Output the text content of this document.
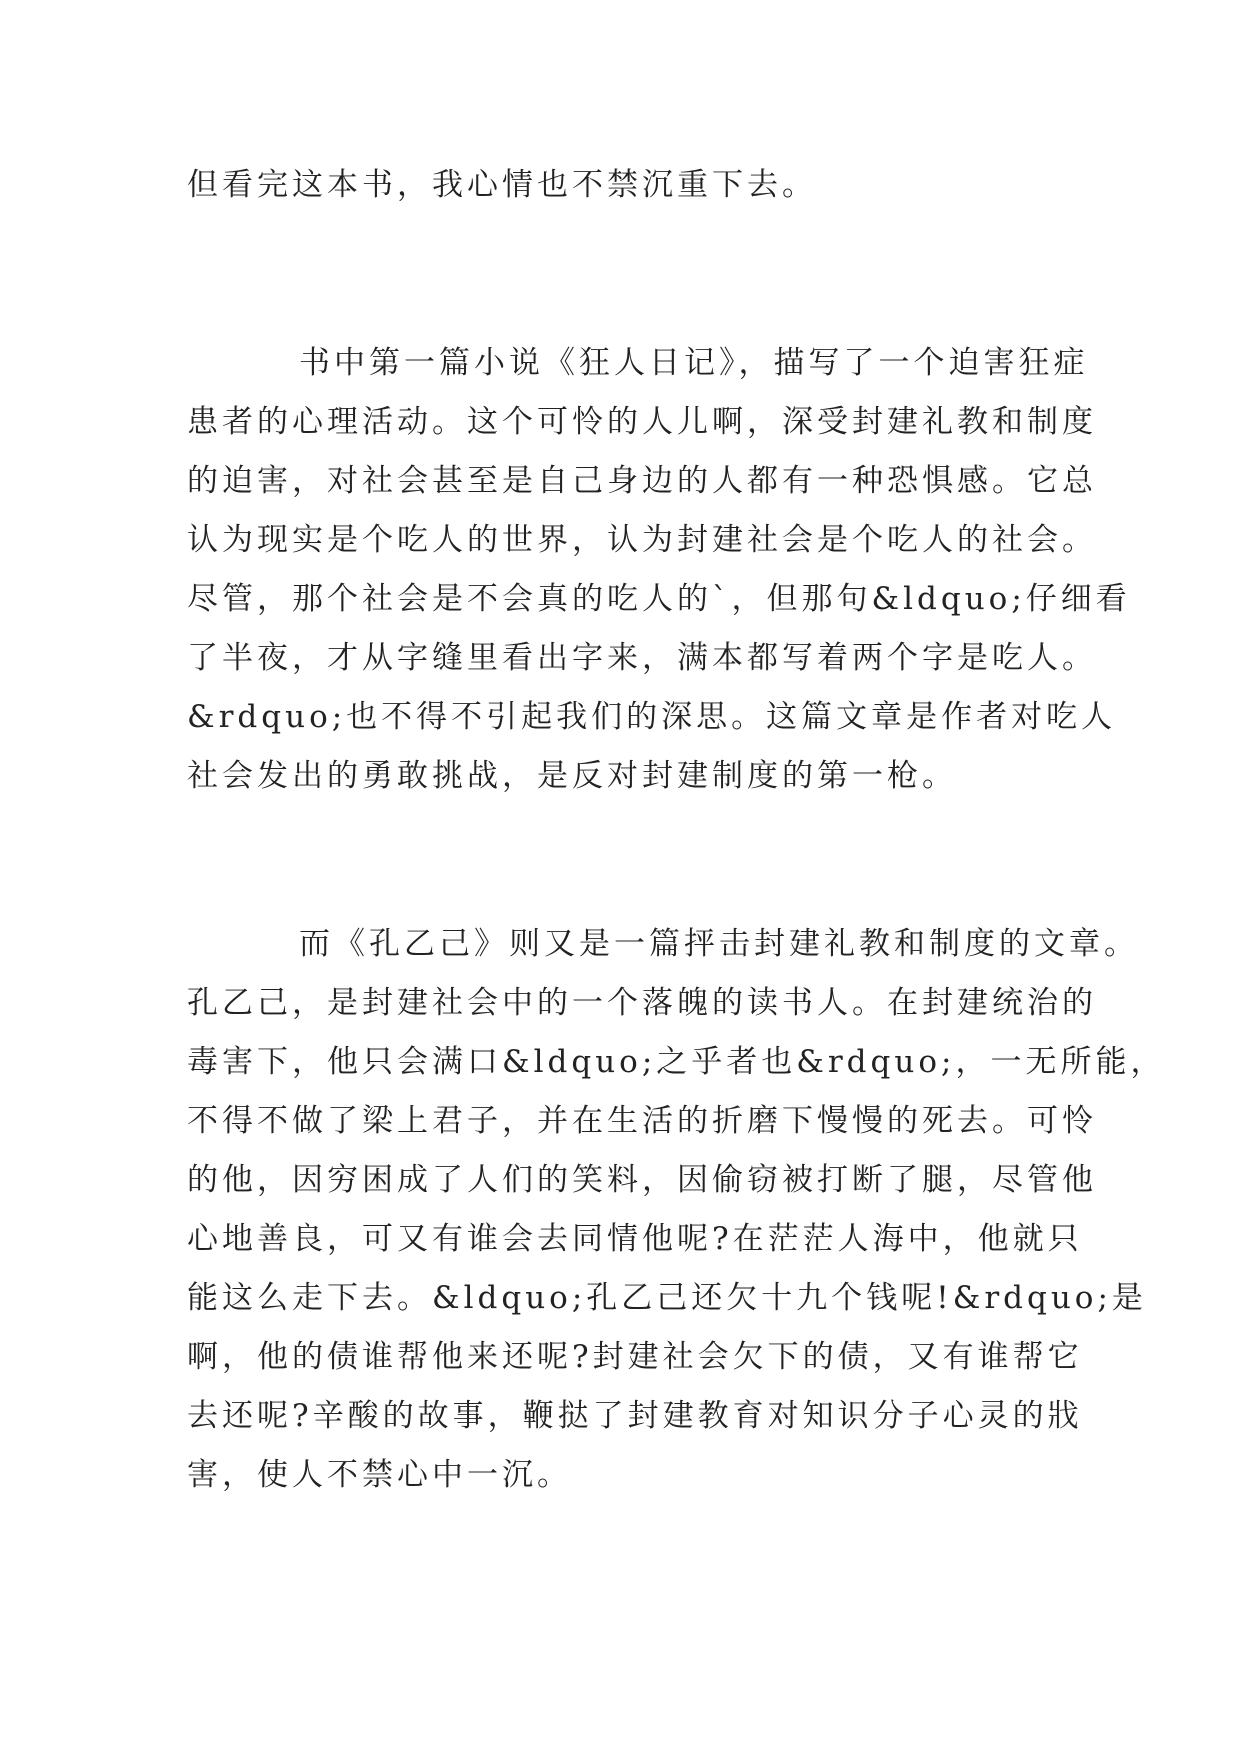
但看完这本书，我心情也不禁沉重下去。
书中第一篇小说《狂人日记》，描写了一个迫害狂症
患者的心理活动。这个可怜的人儿啊，深受封建礼教和制度
的迫害，对社会甚至是自己身边的人都有一种恐惧感。它总
认为现实是个吃人的世界，认为封建社会是个吃人的社会。
尽管，那个社会是不会真的吃人的`，但那句&ldquo;仔细看
了半夜，才从字缝里看出字来，满本都写着两个字是吃人。
&rdquo;也不得不引起我们的深思。这篇文章是作者对吃人
社会发出的勇敢挑战，是反对封建制度的第一枪。
而《孔乙己》则又是一篇抨击封建礼教和制度的文章。
孔乙己，是封建社会中的一个落魄的读书人。在封建统治的
毒害下，他只会满口&ldquo;之乎者也&rdquo;，一无所能，
不得不做了梁上君子，并在生活的折磨下慢慢的死去。可怜
的他，因穷困成了人们的笑料，因偷窃被打断了腿，尽管他
心地善良，可又有谁会去同情他呢?在茫茫人海中，他就只
能这么走下去。&ldquo;孔乙己还欠十九个钱呢!&rdquo;是
啊，他的债谁帮他来还呢?封建社会欠下的债，又有谁帮它
去还呢?辛酸的故事，鞭挞了封建教育对知识分子心灵的戕
害，使人不禁心中一沉。
